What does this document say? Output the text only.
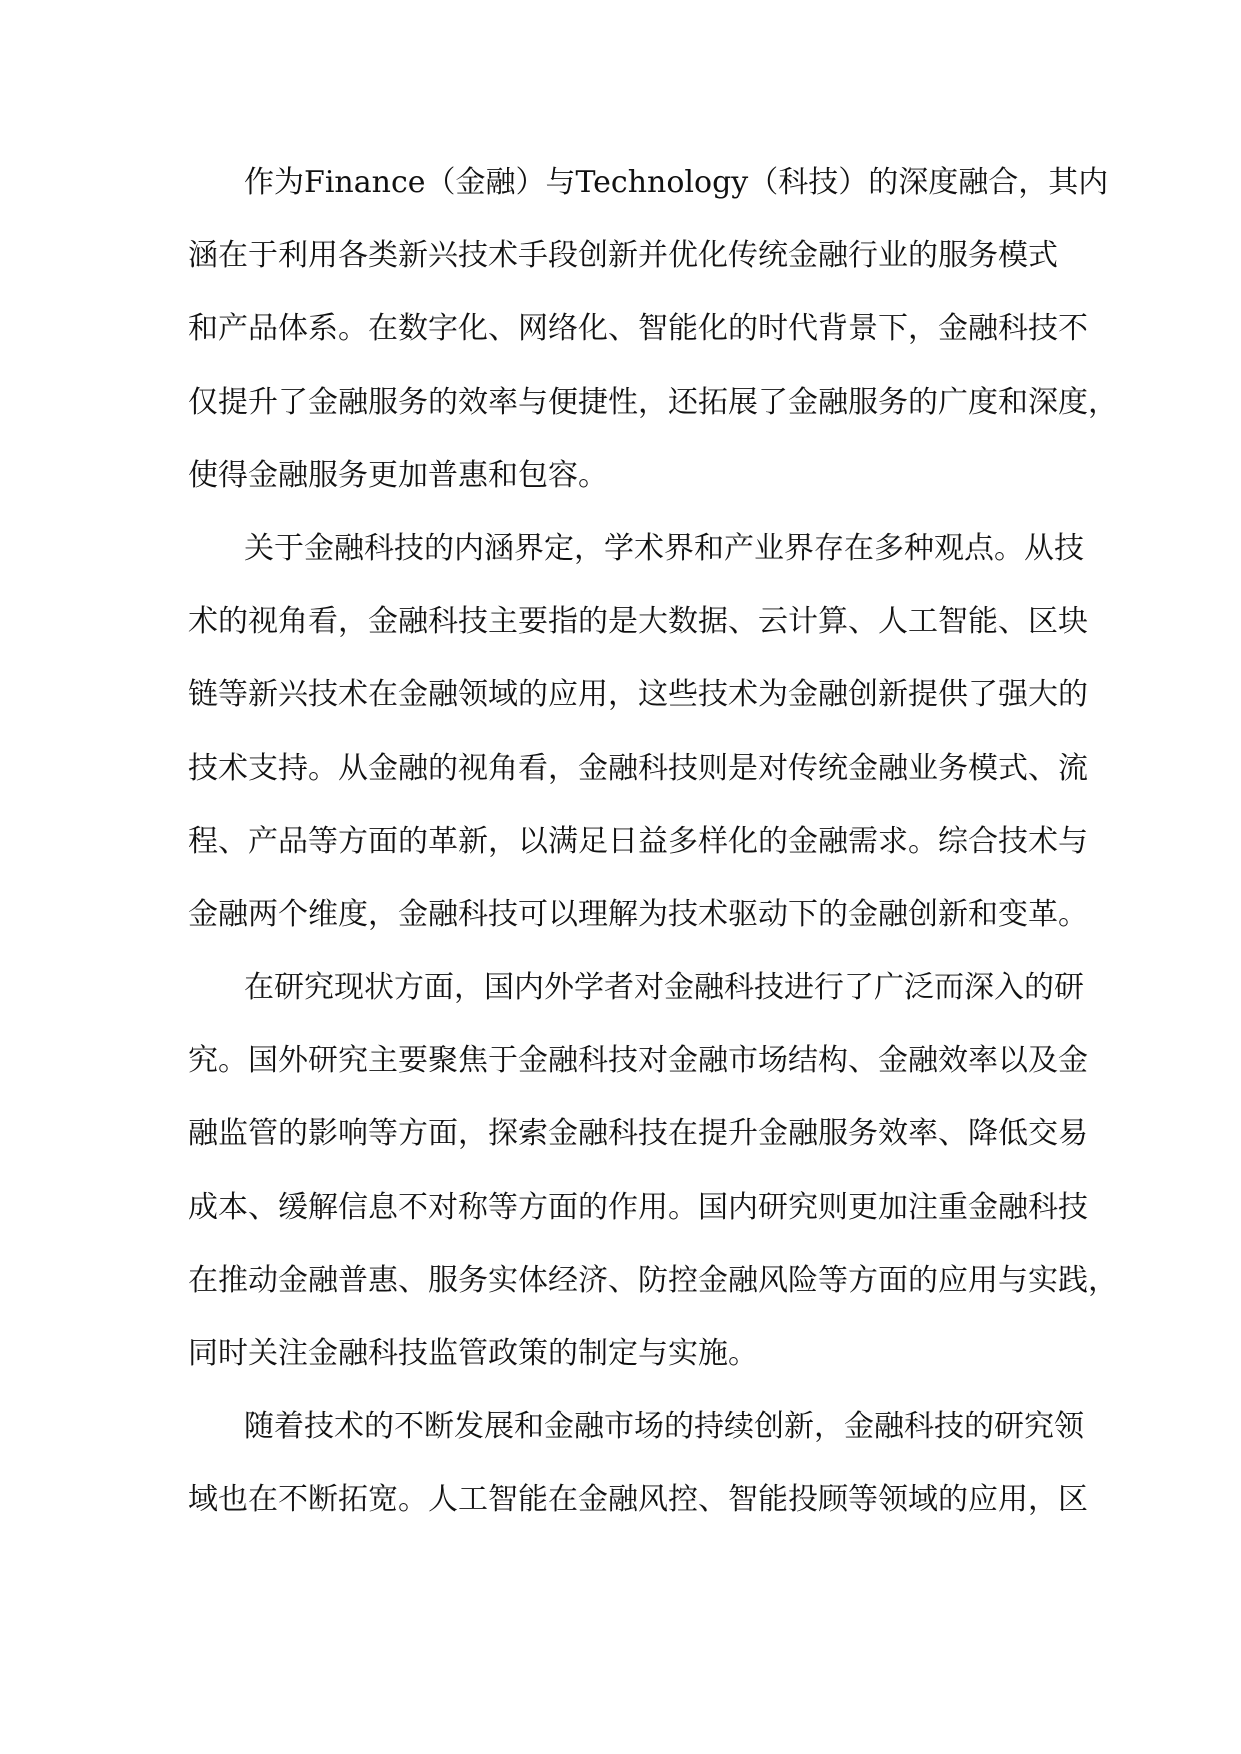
作为Finance（金融）与Technology（科技）的深度融合，其内
涵在于利用各类新兴技术手段创新并优化传统金融行业的服务模式
和产品体系。在数字化、网络化、智能化的时代背景下，金融科技不
仅提升了金融服务的效率与便捷性，还拓展了金融服务的广度和深度，
使得金融服务更加普惠和包容。
关于金融科技的内涵界定，学术界和产业界存在多种观点。从技
术的视角看，金融科技主要指的是大数据、云计算、人工智能、区块
链等新兴技术在金融领域的应用，这些技术为金融创新提供了强大的
技术支持。从金融的视角看，金融科技则是对传统金融业务模式、流
程、产品等方面的革新，以满足日益多样化的金融需求。综合技术与
金融两个维度，金融科技可以理解为技术驱动下的金融创新和变革。
在研究现状方面，国内外学者对金融科技进行了广泛而深入的研
究。国外研究主要聚焦于金融科技对金融市场结构、金融效率以及金
融监管的影响等方面，探索金融科技在提升金融服务效率、降低交易
成本、缓解信息不对称等方面的作用。国内研究则更加注重金融科技
在推动金融普惠、服务实体经济、防控金融风险等方面的应用与实践，
同时关注金融科技监管政策的制定与实施。
随着技术的不断发展和金融市场的持续创新，金融科技的研究领
域也在不断拓宽。人工智能在金融风控、智能投顾等领域的应用，区
